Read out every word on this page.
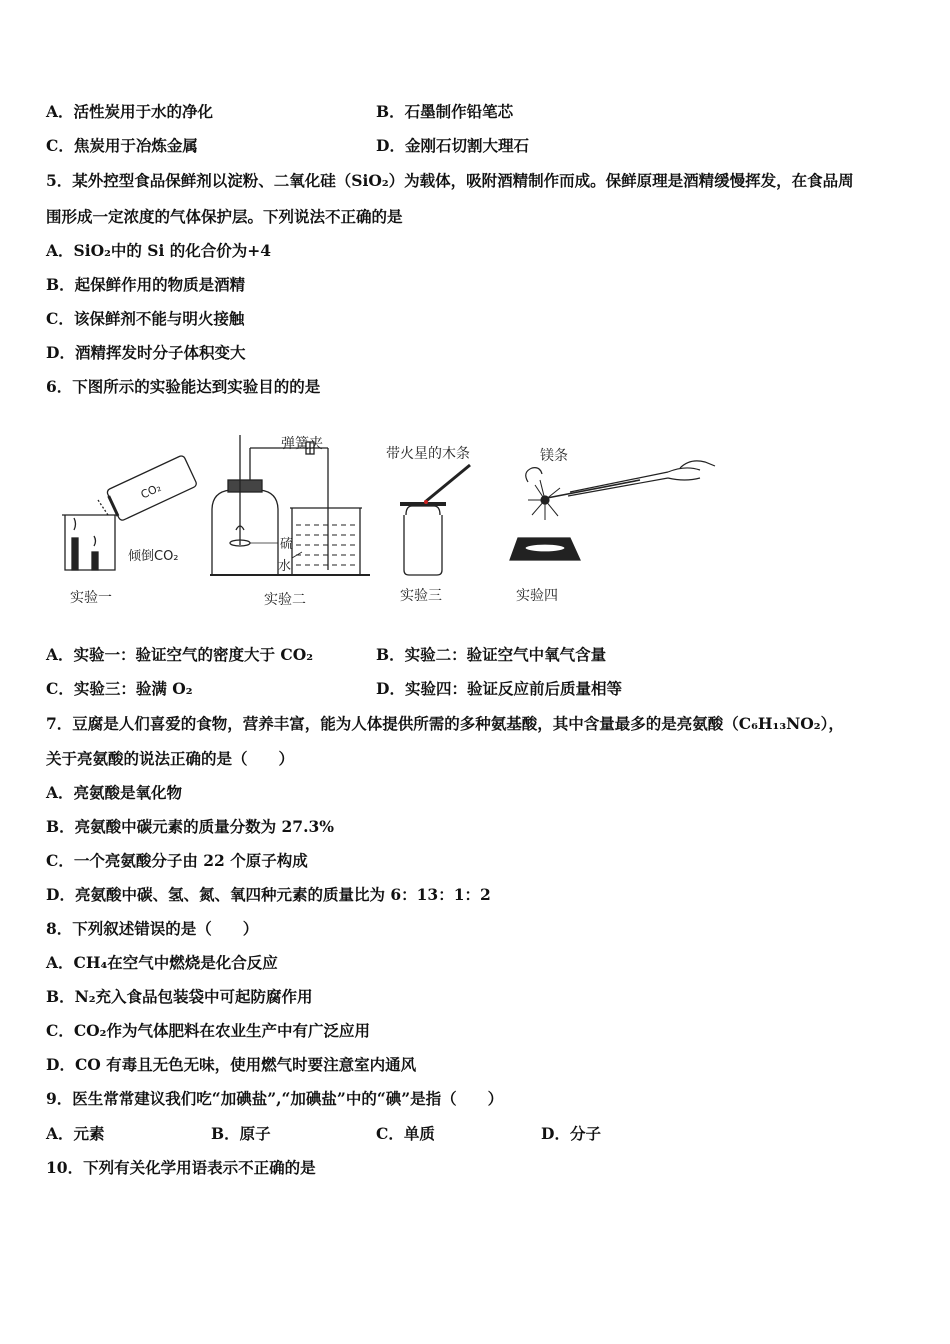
A．活性炭用于水的净化	B．石墨制作铅笔芯
C．焦炭用于冶炼金属	D．金刚石切割大理石
5．某外控型食品保鲜剂以淀粉、二氧化硅（SiO₂）为载体，吸附酒精制作而成。保鲜原理是酒精缓慢挥发，在食品周
围形成一定浓度的气体保护层。下列说法不正确的是
A．SiO₂中的 Si 的化合价为+4
B．起保鲜作用的物质是酒精
C．该保鲜剂不能与明火接触
D．酒精挥发时分子体积变大
6．下图所示的实验能达到实验目的的是
CO₂
倾倒CO₂
实验一
弹簧夹
硫
水
实验二
带火星的木条
实验三
镁条
实验四
A．实验一：验证空气的密度大于 CO₂	B．实验二：验证空气中氧气含量
C．实验三：验满 O₂	D．实验四：验证反应前后质量相等
7．豆腐是人们喜爱的食物，营养丰富，能为人体提供所需的多种氨基酸，其中含量最多的是亮氨酸（C₆H₁₃NO₂），
关于亮氨酸的说法正确的是（　　）
A．亮氨酸是氧化物
B．亮氨酸中碳元素的质量分数为 27.3%
C．一个亮氨酸分子由 22 个原子构成
D．亮氨酸中碳、氢、氮、氧四种元素的质量比为 6：13：1：2
8．下列叙述错误的是（　　）
A．CH₄在空气中燃烧是化合反应
B．N₂充入食品包装袋中可起防腐作用
C．CO₂作为气体肥料在农业生产中有广泛应用
D．CO 有毒且无色无味，使用燃气时要注意室内通风
9．医生常常建议我们吃“加碘盐”,“加碘盐”中的“碘”是指（　　）
A．元素	B．原子	C．单质	D．分子
10．下列有关化学用语表示不正确的是
